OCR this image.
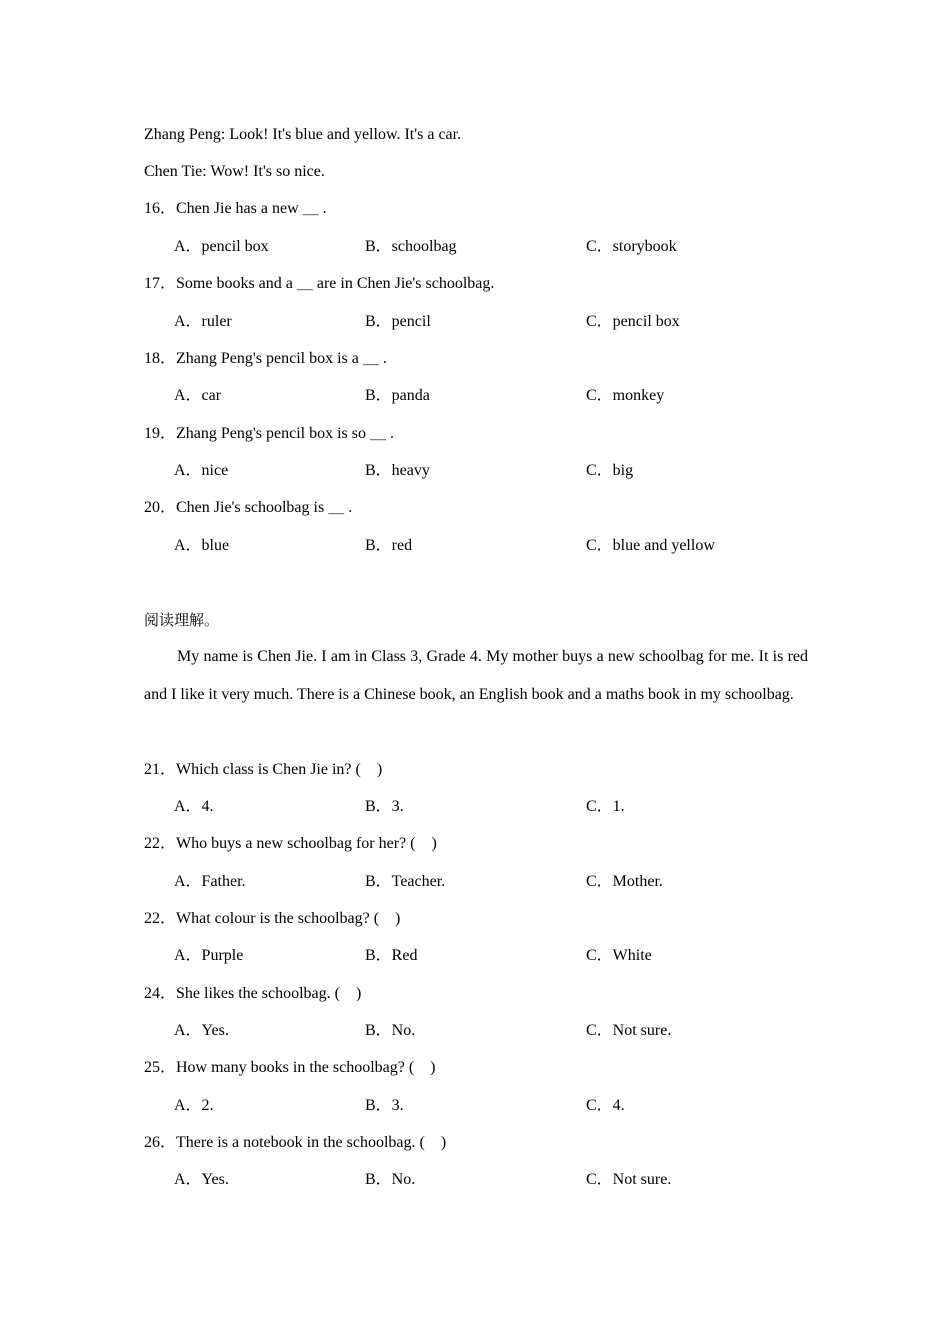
Zhang Peng: Look! It's blue and yellow. It's a car.
Chen Tie: Wow! It's so nice.
16．Chen Jie has a new ＿ .
A．pencil box	B．schoolbag	C．storybook
17．Some books and a ＿ are in Chen Jie's schoolbag.
A．ruler	B．pencil	C．pencil box
18．Zhang Peng's pencil box is a ＿ .
A．car	B．panda	C．monkey
19．Zhang Peng's pencil box is so ＿ .
A．nice	B．heavy	C．big
20．Chen Jie's schoolbag is ＿ .
A．blue	B．red	C．blue and yellow
阅读理解。
My name is Chen Jie. I am in Class 3, Grade 4. My mother buys a new schoolbag for me. It is red and I like it very much. There is a Chinese book, an English book and a maths book in my schoolbag.
21．Which class is Chen Jie in? (　)
A．4.	B．3.	C．1.
22．Who buys a new schoolbag for her? (　)
A．Father.	B．Teacher.	C．Mother.
22．What colour is the schoolbag? (　)
A．Purple	B．Red	C．White
24．She likes the schoolbag. (　)
A．Yes.	B．No.	C．Not sure.
25．How many books in the schoolbag? (　)
A．2.	B．3.	C．4.
26．There is a notebook in the schoolbag. (　)
A．Yes.	B．No.	C．Not sure.
